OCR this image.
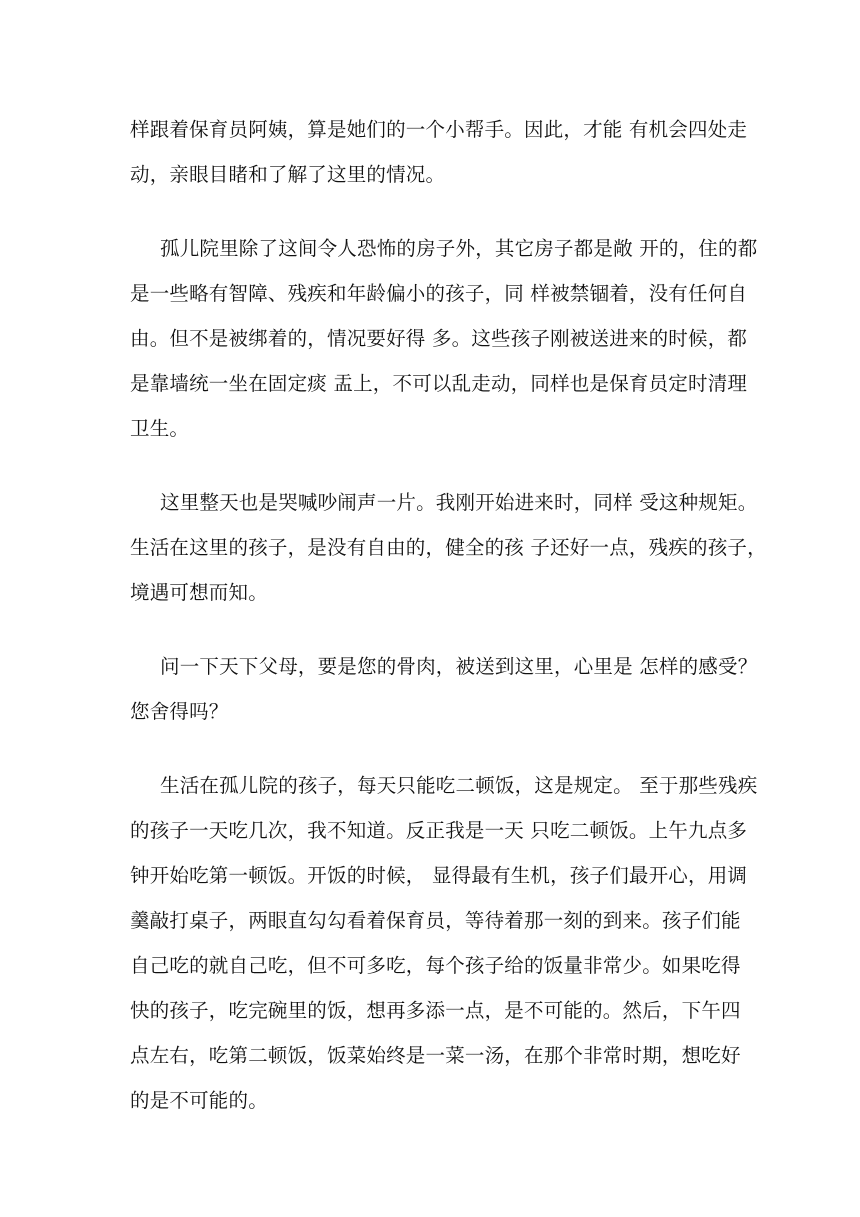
样跟着保育员阿姨，算是她们的一个小帮手。因此，才能 有机会四处走
动，亲眼目睹和了解了这里的情况。

孤儿院里除了这间令人恐怖的房子外，其它房子都是敞 开的，住的都
是一些略有智障、残疾和年龄偏小的孩子，同 样被禁锢着，没有任何自
由。但不是被绑着的，情况要好得 多。这些孩子刚被送进来的时候，都
是靠墙统一坐在固定痰 盂上，不可以乱走动，同样也是保育员定时清理
卫生。

这里整天也是哭喊吵闹声一片。我刚开始进来时，同样 受这种规矩。
生活在这里的孩子，是没有自由的，健全的孩 子还好一点，残疾的孩子，
境遇可想而知。

问一下天下父母，要是您的骨肉，被送到这里，心里是 怎样的感受？
您舍得吗？

生活在孤儿院的孩子，每天只能吃二顿饭，这是规定。 至于那些残疾
的孩子一天吃几次，我不知道。反正我是一天 只吃二顿饭。上午九点多
钟开始吃第一顿饭。开饭的时候， 显得最有生机，孩子们最开心，用调
羹敲打桌子，两眼直勾勾看着保育员，等待着那一刻的到来。孩子们能
自己吃的就自己吃，但不可多吃，每个孩子给的饭量非常少。如果吃得
快的孩子，吃完碗里的饭，想再多添一点，是不可能的。然后，下午四
点左右，吃第二顿饭，饭菜始终是一菜一汤，在那个非常时期，想吃好
的是不可能的。
